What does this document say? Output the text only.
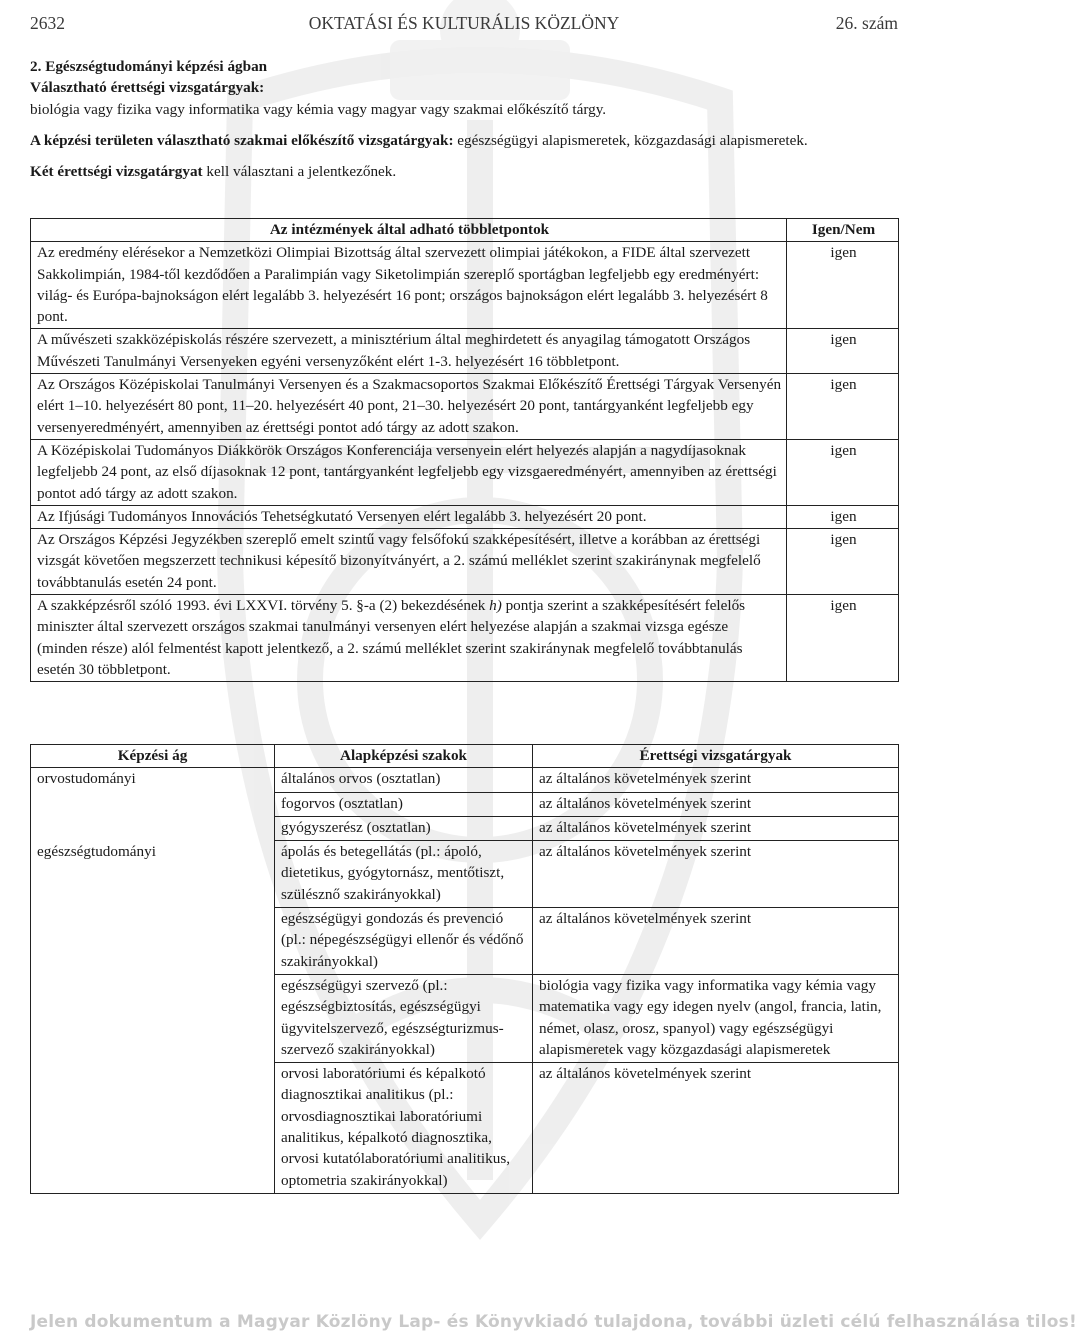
2632	OKTATÁSI ÉS KULTURÁLIS KÖZLÖNY	26. szám

2. Egészségtudományi képzési ágban

Választható érettségi vizsgatárgyak:

biológia vagy fizika vagy informatika vagy kémia vagy magyar vagy szakmai előkészítő tárgy.

A képzési területen választható szakmai előkészítő vizsgatárgyak: egészségügyi alapismeretek, közgazdasági alapismeretek.

Két érettségi vizsgatárgyat kell választani a jelentkezőnek.

Az intézmények által adható többletpontok	Igen/Nem
Az eredmény elérésekor a Nemzetközi Olimpiai Bizottság által szervezett olimpiai játékokon, a FIDE által szervezett Sakkolimpián, 1984-től kezdődően a Paralimpián vagy Siketolimpián szereplő sportágban legfeljebb egy eredményért: világ- és Európa-bajnokságon elért legalább 3. helyezésért 16 pont; országos bajnokságon elért legalább 3. helyezésért 8 pont.	igen
A művészeti szakközépiskolás részére szervezett, a minisztérium által meghirdetett és anyagilag támogatott Országos Művészeti Tanulmányi Versenyeken egyéni versenyzőként elért 1-3. helyezésért 16 többletpont.	igen
Az Országos Középiskolai Tanulmányi Versenyen és a Szakmacsoportos Szakmai Előkészítő Érettségi Tárgyak Versenyén elért 1–10. helyezésért 80 pont, 11–20. helyezésért 40 pont, 21–30. helyezésért 20 pont, tantárgyanként legfeljebb egy versenyeredményért, amennyiben az érettségi pontot adó tárgy az adott szakon.	igen
A Középiskolai Tudományos Diákkörök Országos Konferenciája versenyein elért helyezés alapján a nagydíjasoknak legfeljebb 24 pont, az első díjasoknak 12 pont, tantárgyanként legfeljebb egy vizsgaeredményért, amennyiben az érettségi pontot adó tárgy az adott szakon.	igen
Az Ifjúsági Tudományos Innovációs Tehetségkutató Versenyen elért legalább 3. helyezésért 20 pont.	igen
Az Országos Képzési Jegyzékben szereplő emelt szintű vagy felsőfokú szakképesítésért, illetve a korábban az érettségi vizsgát követően megszerzett technikusi képesítő bizonyítványért, a 2. számú melléklet szerint szakiránynak megfelelő továbbtanulás esetén 24 pont.	igen
A szakképzésről szóló 1993. évi LXXVI. törvény 5. §-a (2) bekezdésének h) pontja szerint a szakképesítésért felelős miniszter által szervezett országos szakmai tanulmányi versenyen elért helyezése alapján a szakmai vizsga egésze (minden része) alól felmentést kapott jelentkező, a 2. számú melléklet szerint szakiránynak megfelelő továbbtanulás esetén 30 többletpont.	igen
Képzési ág	Alapképzési szakok	Érettségi vizsgatárgyak
orvostudományi	általános orvos (osztatlan)	az általános követelmények szerint
	fogorvos (osztatlan)	az általános követelmények szerint
	gyógyszerész (osztatlan)	az általános követelmények szerint
egészségtudományi	ápolás és betegellátás (pl.: ápoló, dietetikus, gyógytornász, mentőtiszt, szülésznő szakirányokkal)	az általános követelmények szerint
	egészségügyi gondozás és prevenció (pl.: népegészségügyi ellenőr és védőnő szakirányokkal)	az általános követelmények szerint
	egészségügyi szervező (pl.: egészségbiztosítás, egészségügyi ügyvitelszervező, egészségturizmus-szervező szakirányokkal)	biológia vagy fizika vagy informatika vagy kémia vagy matematika vagy egy idegen nyelv (angol, francia, latin, német, olasz, orosz, spanyol) vagy egészségügyi alapismeretek vagy közgazdasági alapismeretek
	orvosi laboratóriumi és képalkotó diagnosztikai analitikus (pl.: orvosdiagnosztikai laboratóriumi analitikus, képalkotó diagnosztika, orvosi kutatólaboratóriumi analitikus, optometria szakirányokkal)	az általános követelmények szerint
Jelen dokumentum a Magyar Közlöny Lap- és Könyvkiadó tulajdona, további üzleti célú felhasználása tilos!
